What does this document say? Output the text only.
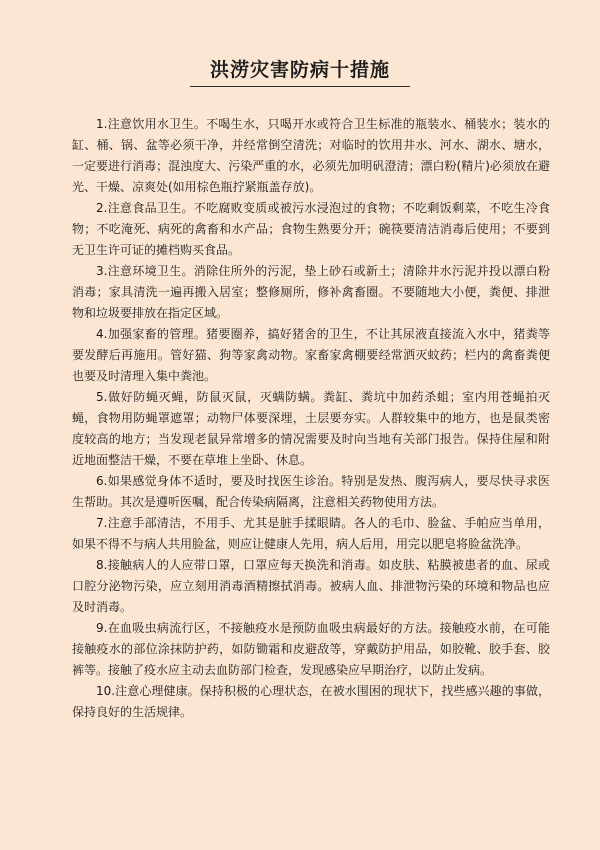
洪涝灾害防病十措施

1.注意饮用水卫生。不喝生水，只喝开水或符合卫生标准的瓶装水、桶装水；装水的缸、桶、锅、盆等必须干净，并经常倒空清洗；对临时的饮用井水、河水、湖水、塘水，一定要进行消毒；混浊度大、污染严重的水，必须先加明矾澄清；漂白粉(精片)必须放在避光、干燥、凉爽处(如用棕色瓶拧紧瓶盖存放)。

2.注意食品卫生。不吃腐败变质或被污水浸泡过的食物；不吃剩饭剩菜，不吃生冷食物；不吃淹死、病死的禽畜和水产品；食物生熟要分开；碗筷要清洁消毒后使用；不要到无卫生许可证的摊档购买食品。

3.注意环境卫生。消除住所外的污泥，垫上砂石或新土；清除井水污泥并投以漂白粉消毒；家具清洗一遍再搬入居室；整修厕所，修补禽畜圈。不要随地大小便，粪便、排泄物和垃圾要排放在指定区域。

4.加强家畜的管理。猪要圈养，搞好猪舍的卫生，不让其尿液直接流入水中，猪粪等要发酵后再施用。管好猫、狗等家禽动物。家畜家禽棚要经常洒灭蚊药；栏内的禽畜粪便也要及时清理入集中粪池。

5.做好防蝇灭蝇，防鼠灭鼠，灭螨防螨。粪缸、粪坑中加药杀蛆；室内用苍蝇拍灭蝇，食物用防蝇罩遮罩；动物尸体要深埋，土层要夯实。人群较集中的地方，也是鼠类密度较高的地方；当发现老鼠异常增多的情况需要及时向当地有关部门报告。保持住屋和附近地面整洁干燥，不要在草堆上坐卧、休息。

6.如果感觉身体不适时，要及时找医生诊治。特别是发热、腹泻病人，要尽快寻求医生帮助。其次是遵听医嘱，配合传染病隔离，注意相关药物使用方法。

7.注意手部清洁，不用手、尤其是脏手揉眼睛。各人的毛巾、脸盆、手帕应当单用，如果不得不与病人共用脸盆，则应让健康人先用，病人后用，用完以肥皂将脸盆洗净。

8.接触病人的人应带口罩，口罩应每天换洗和消毒。如皮肤、粘膜被患者的血、尿或口腔分泌物污染，应立刻用消毒酒精擦拭消毒。被病人血、排泄物污染的环境和物品也应及时消毒。

9.在血吸虫病流行区，不接触疫水是预防血吸虫病最好的方法。接触疫水前，在可能接触疫水的部位涂抹防护药，如防锄霜和皮避敌等，穿戴防护用品，如胶靴、胶手套、胶裤等。接触了疫水应主动去血防部门检查，发现感染应早期治疗，以防止发病。

10.注意心理健康。保持积极的心理状态，在被水围困的现状下，找些感兴趣的事做，保持良好的生活规律。
